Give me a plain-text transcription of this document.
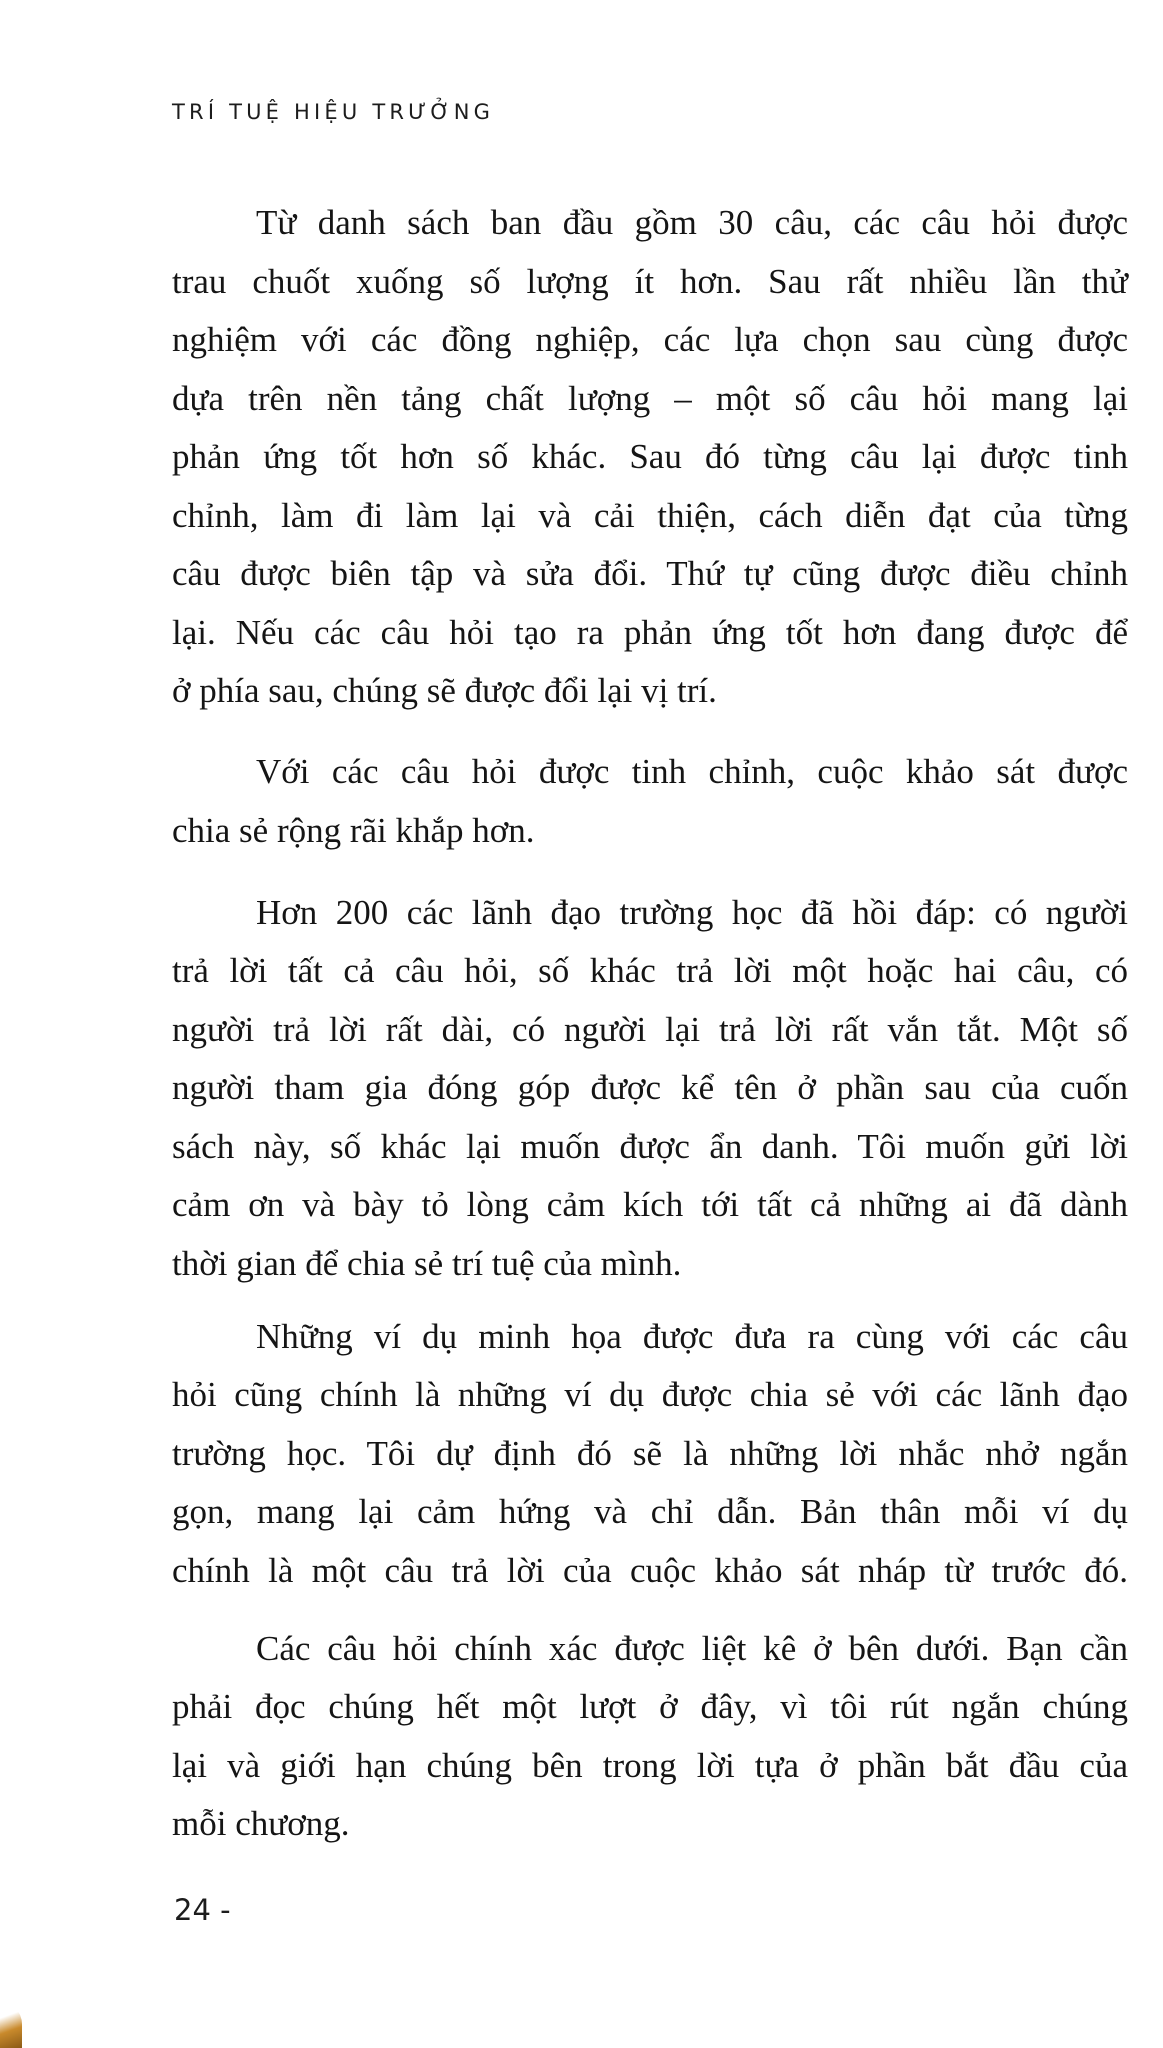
TRÍ TUỆ HIỆU TRƯỞNG
Từ danh sách ban đầu gồm 30 câu, các câu hỏi được
trau chuốt xuống số lượng ít hơn. Sau rất nhiều lần thử
nghiệm với các đồng nghiệp, các lựa chọn sau cùng được
dựa trên nền tảng chất lượng – một số câu hỏi mang lại
phản ứng tốt hơn số khác. Sau đó từng câu lại được tinh
chỉnh, làm đi làm lại và cải thiện, cách diễn đạt của từng
câu được biên tập và sửa đổi. Thứ tự cũng được điều chỉnh
lại. Nếu các câu hỏi tạo ra phản ứng tốt hơn đang được để
ở phía sau, chúng sẽ được đổi lại vị trí.
Với các câu hỏi được tinh chỉnh, cuộc khảo sát được
chia sẻ rộng rãi khắp hơn.
Hơn 200 các lãnh đạo trường học đã hồi đáp: có người
trả lời tất cả câu hỏi, số khác trả lời một hoặc hai câu, có
người trả lời rất dài, có người lại trả lời rất vắn tắt. Một số
người tham gia đóng góp được kể tên ở phần sau của cuốn
sách này, số khác lại muốn được ẩn danh. Tôi muốn gửi lời
cảm ơn và bày tỏ lòng cảm kích tới tất cả những ai đã dành
thời gian để chia sẻ trí tuệ của mình.
Những ví dụ minh họa được đưa ra cùng với các câu
hỏi cũng chính là những ví dụ được chia sẻ với các lãnh đạo
trường học. Tôi dự định đó sẽ là những lời nhắc nhở ngắn
gọn, mang lại cảm hứng và chỉ dẫn. Bản thân mỗi ví dụ
chính là một câu trả lời của cuộc khảo sát nháp từ trước đó.
Các câu hỏi chính xác được liệt kê ở bên dưới. Bạn cần
phải đọc chúng hết một lượt ở đây, vì tôi rút ngắn chúng
lại và giới hạn chúng bên trong lời tựa ở phần bắt đầu của
mỗi chương.
24 -
